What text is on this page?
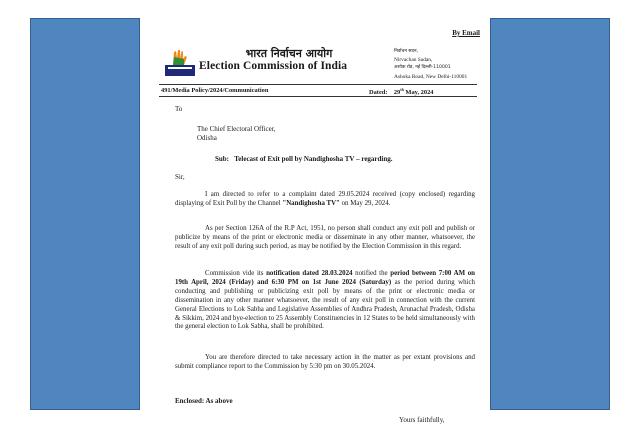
By Email
भारत निर्वाचन आयोग
Election Commission of India
निर्वाचन सदन,
Nirvachan Sadan,
अशोक रोड, नई दिल्ली-110001
Ashoka Road, New Delhi-110001
491/Media Policy/2024/Communication	Dated: 29th May, 2024
To
The Chief Electoral Officer,
Odisha
Sub: Telecast of Exit poll by Nandighosha TV – regarding.
Sir,
I am directed to refer to a complaint dated 29.05.2024 received (copy enclosed) regarding displaying of Exit Poll by the Channel "Nandighosha TV" on May 29, 2024.
As per Section 126A of the R.P Act, 1951, no person shall conduct any exit poll and publish or publicize by means of the print or electronic media or disseminate in any other manner, whatsoever, the result of any exit poll during such period, as may be notified by the Election Commission in this regard.
Commission vide its notification dated 28.03.2024 notified the period between 7:00 AM on 19th April, 2024 (Friday) and 6:30 PM on 1st June 2024 (Saturday) as the period during which conducting and publishing or publicizing exit poll by means of the print or electronic media or dissemination in any other manner whatsoever, the result of any exit poll in connection with the current General Elections to Lok Sabha and Legislative Assemblies of Andhra Pradesh, Arunachal Pradesh, Odisha & Sikkim, 2024 and bye-election to 25 Assembly Constituencies in 12 States to be held simultaneously with the general election to Lok Sabha, shall be prohibited.
You are therefore directed to take necessary action in the matter as per extant provisions and submit compliance report to the Commission by 5:30 pm on 30.05.2024.
Enclosed: As above
Yours faithfully,
